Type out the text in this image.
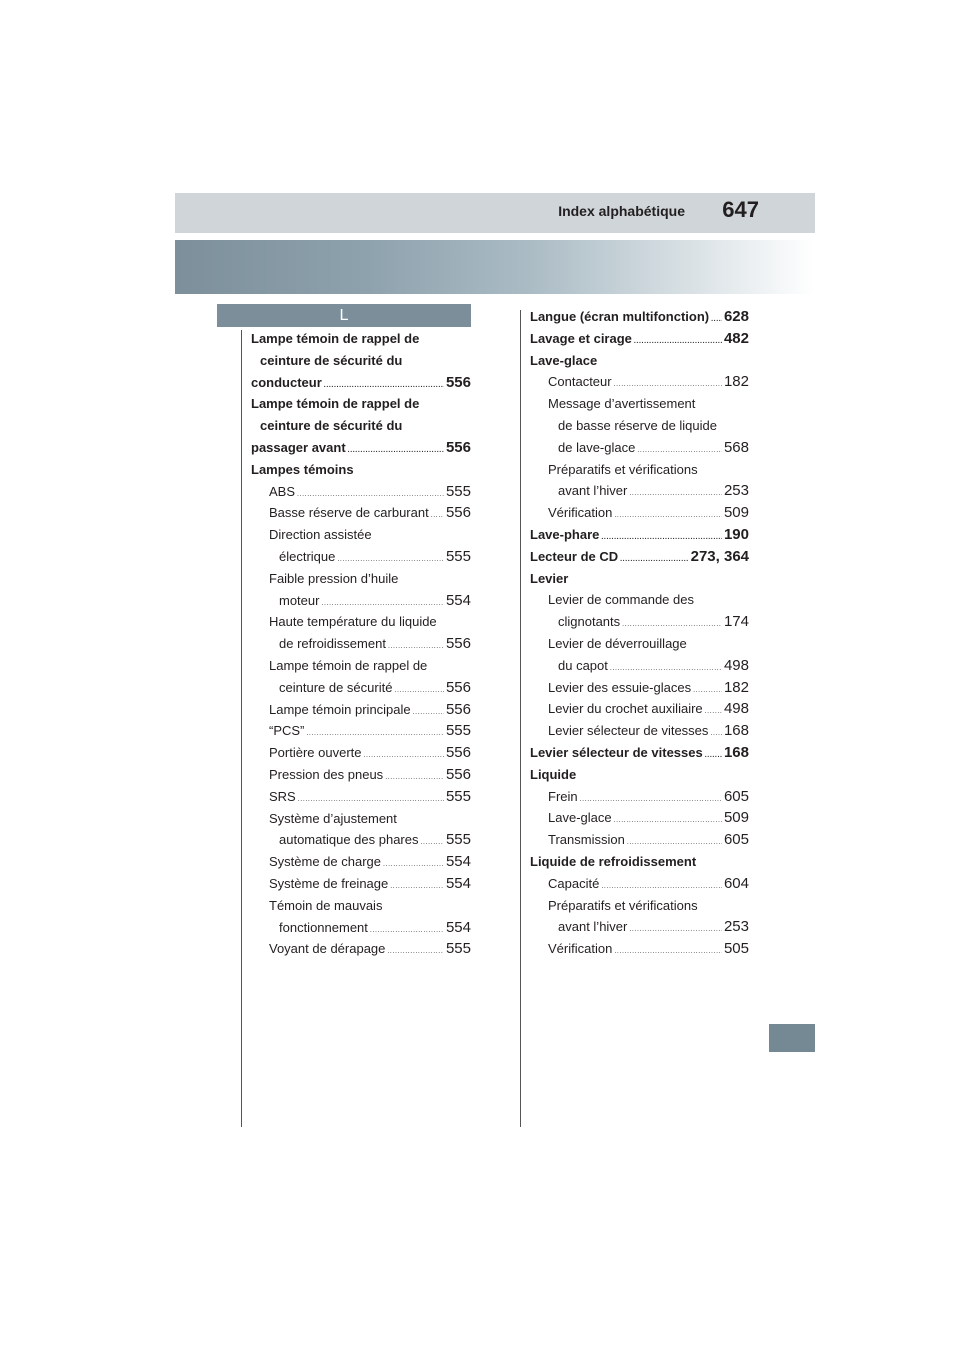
Index alphabétique 647
L
Lampe témoin de rappel de
ceinture de sécurité du
conducteur .....	556
Lampe témoin de rappel de
ceinture de sécurité du
passager avant .....	556
Lampes témoins
ABS .....	555
Basse réserve de carburant ..... 556
Direction assistée
électrique .....	555
Faible pression d’huile
moteur .....	554
Haute température du liquide
de refroidissement .....	556
Lampe témoin de rappel de
ceinture de sécurité .....	556
Lampe témoin principale ..... 556
“PCS” .....	555
Portière ouverte .....	556
Pression des pneus .....	556
SRS .....	555
Système d’ajustement
automatique des phares ..... 555
Système de charge .....	554
Système de freinage .....	554
Témoin de mauvais
fonctionnement .....	554
Voyant de dérapage .....	555
Langue (écran multifonction) ..... 628
Lavage et cirage .....	482
Lave-glace
Contacteur .....	182
Message d’avertissement
de basse réserve de liquide
de lave-glace .....	568
Préparatifs et vérifications
avant l’hiver .....	253
Vérification .....	509
Lave-phare .....	190
Lecteur de CD .....	273, 364
Levier
Levier de commande des
clignotants .....	174
Levier de déverrouillage
du capot .....	498
Levier des essuie-glaces ..... 182
Levier du crochet auxiliaire ..... 498
Levier sélecteur de vitesses ..... 168
Levier sélecteur de vitesses ..... 168
Liquide
Frein .....	605
Lave-glace .....	509
Transmission .....	605
Liquide de refroidissement
Capacité .....	604
Préparatifs et vérifications
avant l’hiver .....	253
Vérification .....	505
